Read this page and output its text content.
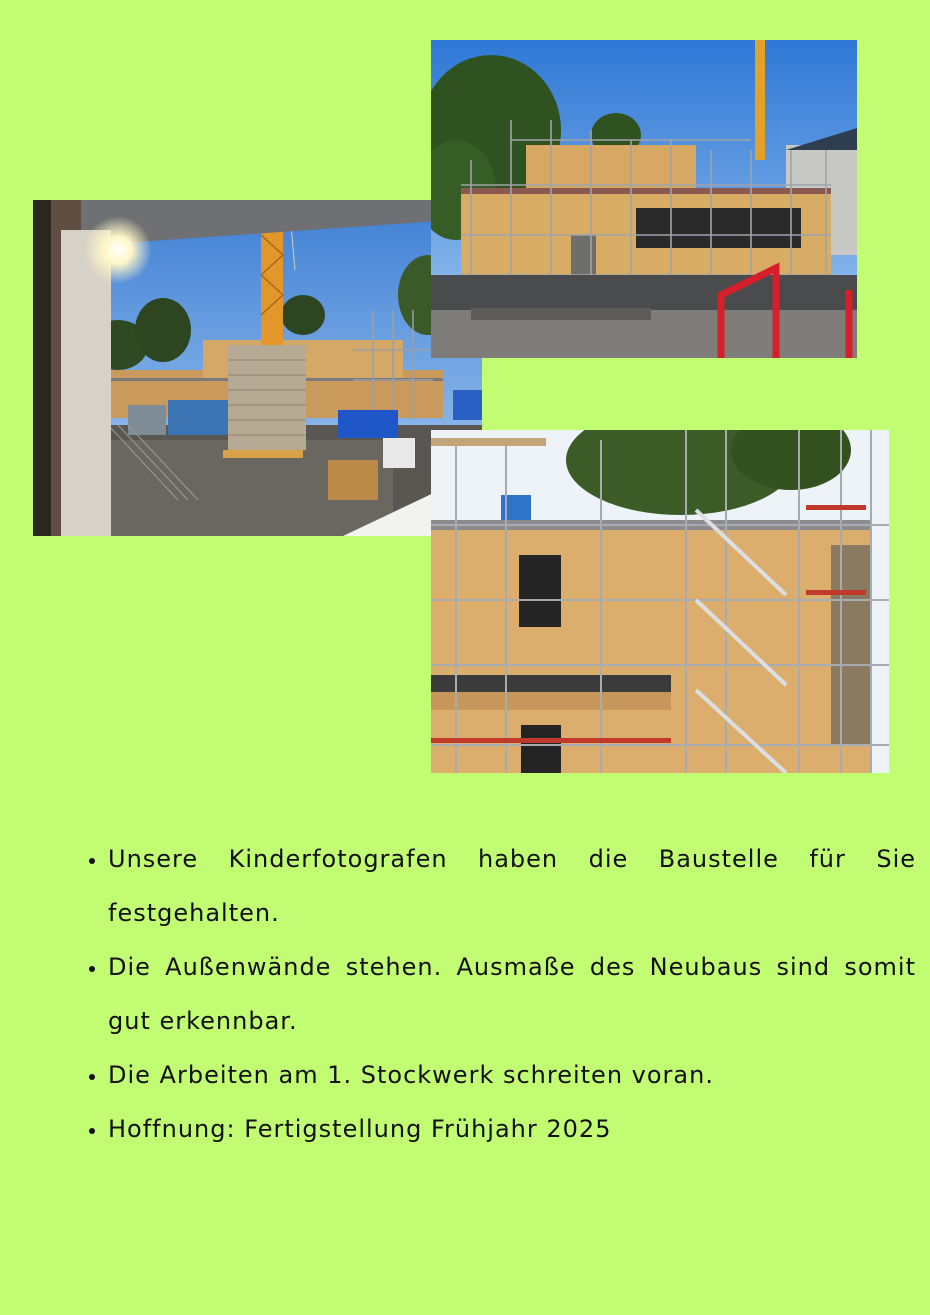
• Unsere Kinderfotografen haben die Baustelle für Sie festgehalten.
• Die Außenwände stehen. Ausmaße des Neubaus sind somit gut erkennbar.
• Die Arbeiten am 1. Stockwerk schreiten voran.
• Hoffnung: Fertigstellung Frühjahr 2025
